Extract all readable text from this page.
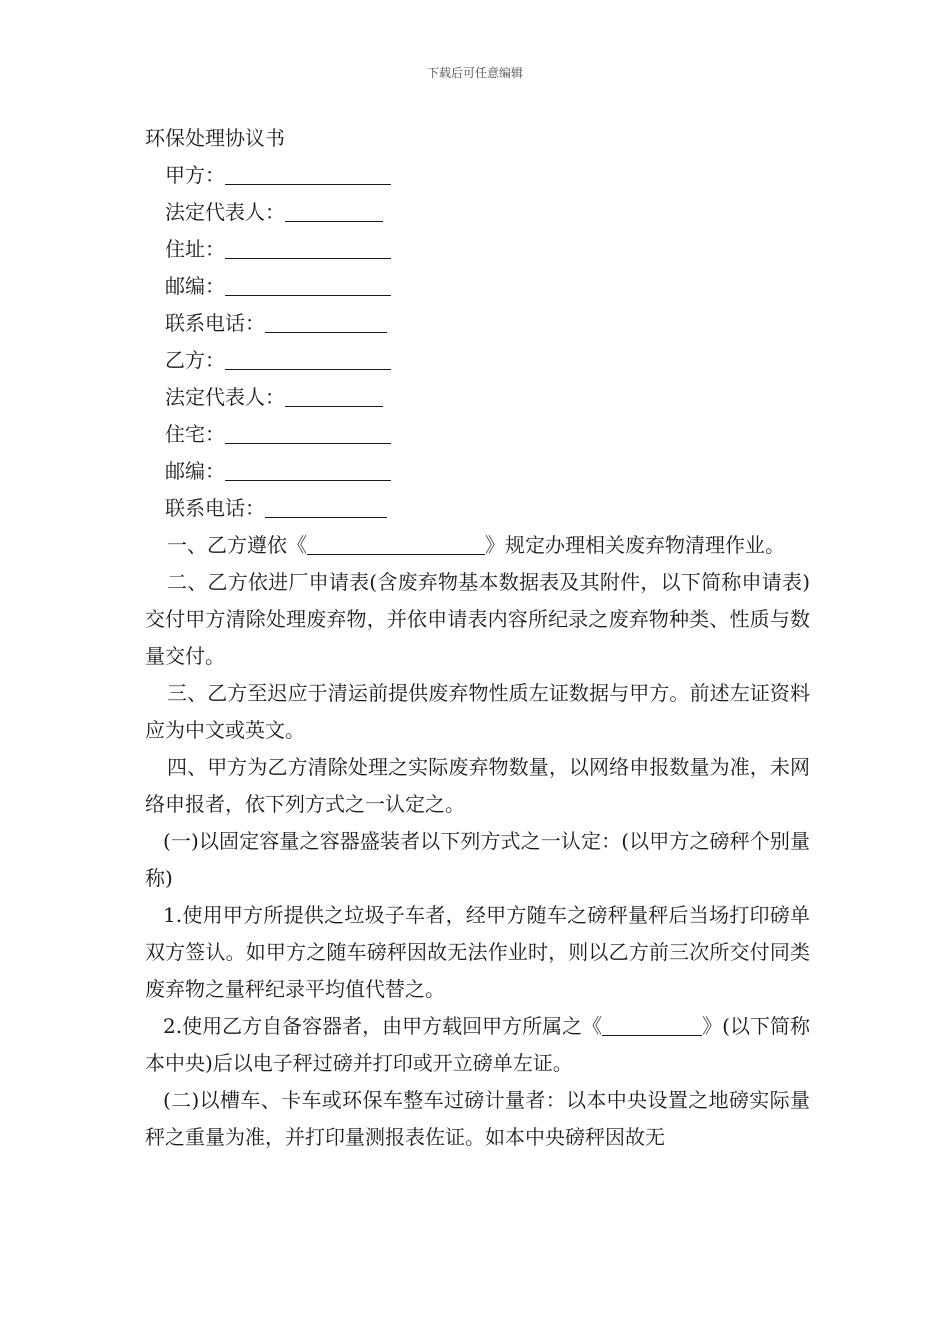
下载后可任意编辑
环保处理协议书
甲方：
法定代表人：
住址：
邮编：
联系电话：
乙方：
法定代表人：
住宅：
邮编：
联系电话：

一、乙方遵依《	》规定办理相关废弃物清理作业。

二、乙方依进厂申请表(含废弃物基本数据表及其附件，以下简称申请表)交付甲方清除处理废弃物，并依申请表内容所纪录之废弃物种类、性质与数量交付。

三、乙方至迟应于清运前提供废弃物性质左证数据与甲方。前述左证资料应为中文或英文。

四、甲方为乙方清除处理之实际废弃物数量，以网络申报数量为准，未网络申报者，依下列方式之一认定之。

(一)以固定容量之容器盛装者以下列方式之一认定：(以甲方之磅秤个别量称)

1.使用甲方所提供之垃圾子车者，经甲方随车之磅秤量秤后当场打印磅单双方签认。如甲方之随车磅秤因故无法作业时，则以乙方前三次所交付同类废弃物之量秤纪录平均值代替之。

2.使用乙方自备容器者，由甲方载回甲方所属之《	》(以下简称本中央)后以电子秤过磅并打印或开立磅单左证。

(二)以槽车、卡车或环保车整车过磅计量者：以本中央设置之地磅实际量秤之重量为准，并打印量测报表佐证。如本中央磅秤因故无
